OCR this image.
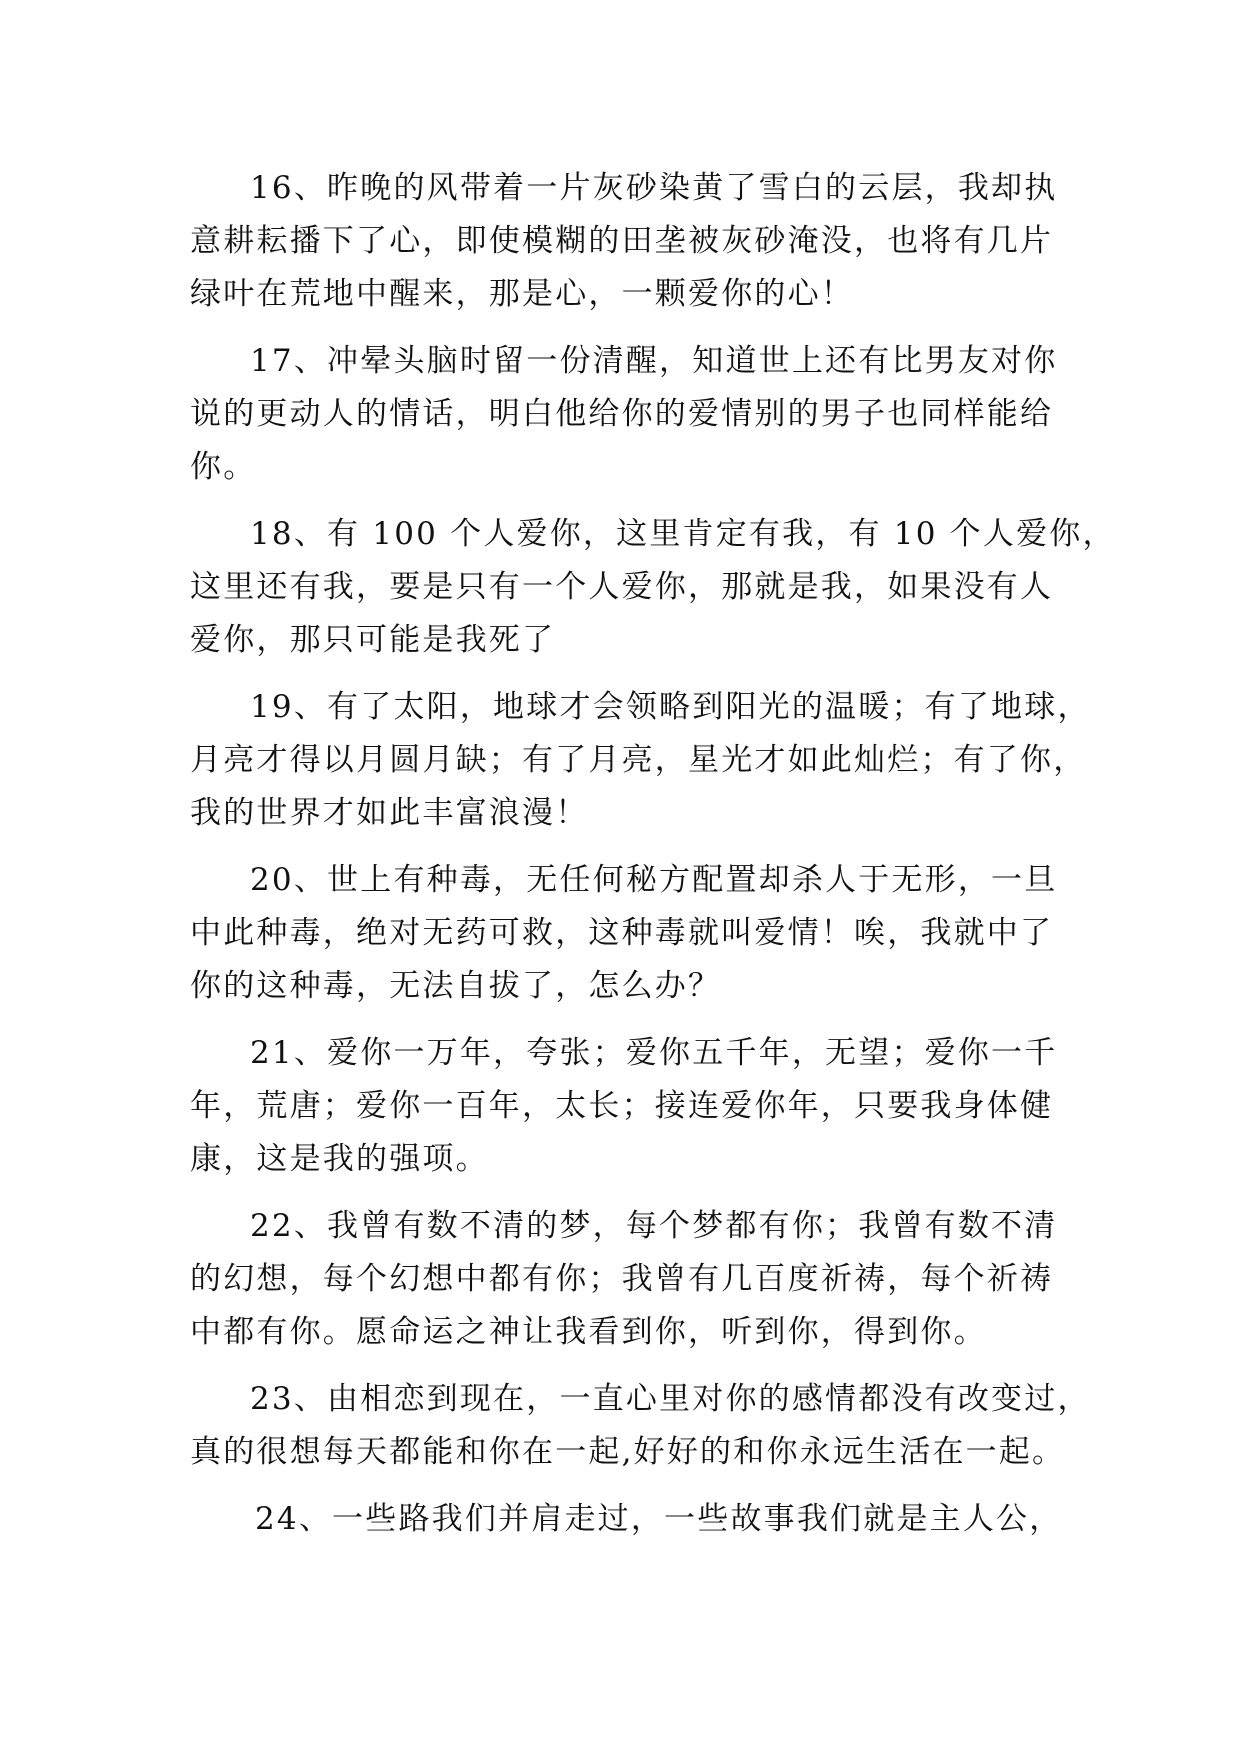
16、昨晚的风带着一片灰砂染黄了雪白的云层，我却执
意耕耘播下了心，即使模糊的田垄被灰砂淹没，也将有几片
绿叶在荒地中醒来，那是心，一颗爱你的心！
17、冲晕头脑时留一份清醒，知道世上还有比男友对你
说的更动人的情话，明白他给你的爱情别的男子也同样能给
你。
18、有 100 个人爱你，这里肯定有我，有 10 个人爱你，
这里还有我，要是只有一个人爱你，那就是我，如果没有人
爱你，那只可能是我死了
19、有了太阳，地球才会领略到阳光的温暖；有了地球，
月亮才得以月圆月缺；有了月亮，星光才如此灿烂；有了你，
我的世界才如此丰富浪漫！
20、世上有种毒，无任何秘方配置却杀人于无形，一旦
中此种毒，绝对无药可救，这种毒就叫爱情！唉，我就中了
你的这种毒，无法自拔了，怎么办？
21、爱你一万年，夸张；爱你五千年，无望；爱你一千
年，荒唐；爱你一百年，太长；接连爱你年，只要我身体健
康，这是我的强项。
22、我曾有数不清的梦，每个梦都有你；我曾有数不清
的幻想，每个幻想中都有你；我曾有几百度祈祷，每个祈祷
中都有你。愿命运之神让我看到你，听到你，得到你。
23、由相恋到现在，一直心里对你的感情都没有改变过，
真的很想每天都能和你在一起,好好的和你永远生活在一起。
24、一些路我们并肩走过，一些故事我们就是主人公，
